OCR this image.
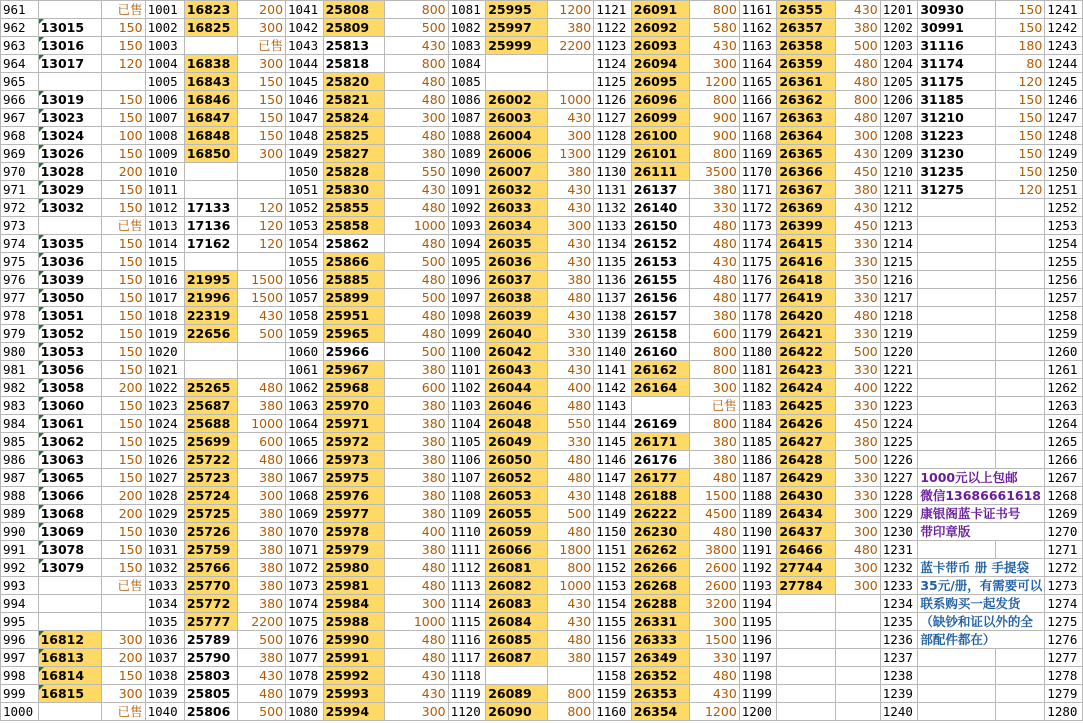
961		已售	1001	16823	200	1041	25808	800	1081	25995	1200	1121	26091	800	1161	26355	430	1201	30930	150	1241
962	13015	150	1002	16825	300	1042	25809	500	1082	25997	380	1122	26092	580	1162	26357	380	1202	30991	150	1242
963	13016	150	1003		已售	1043	25813	430	1083	25999	2200	1123	26093	430	1163	26358	500	1203	31116	180	1243
964	13017	120	1004	16838	300	1044	25818	800	1084			1124	26094	300	1164	26359	480	1204	31174	80	1244
965			1005	16843	150	1045	25820	480	1085			1125	26095	1200	1165	26361	480	1205	31175	120	1245
966	13019	150	1006	16846	150	1046	25821	480	1086	26002	1000	1126	26096	800	1166	26362	800	1206	31185	150	1246
967	13023	150	1007	16847	150	1047	25824	300	1087	26003	430	1127	26099	900	1167	26363	480	1207	31210	150	1247
968	13024	100	1008	16848	150	1048	25825	480	1088	26004	300	1128	26100	900	1168	26364	300	1208	31223	150	1248
969	13026	150	1009	16850	300	1049	25827	380	1089	26006	1300	1129	26101	800	1169	26365	430	1209	31230	150	1249
970	13028	200	1010			1050	25828	550	1090	26007	380	1130	26111	3500	1170	26366	450	1210	31235	150	1250
971	13029	150	1011			1051	25830	430	1091	26032	430	1131	26137	380	1171	26367	380	1211	31275	120	1251
972	13032	150	1012	17133	120	1052	25855	480	1092	26033	430	1132	26140	330	1172	26369	430	1212			1252
973		已售	1013	17136	120	1053	25858	1000	1093	26034	300	1133	26150	480	1173	26399	450	1213			1253
974	13035	150	1014	17162	120	1054	25862	480	1094	26035	430	1134	26152	480	1174	26415	330	1214			1254
975	13036	150	1015			1055	25866	500	1095	26036	430	1135	26153	430	1175	26416	330	1215			1255
976	13039	150	1016	21995	1500	1056	25885	480	1096	26037	380	1136	26155	480	1176	26418	350	1216			1256
977	13050	150	1017	21996	1500	1057	25899	500	1097	26038	480	1137	26156	480	1177	26419	330	1217			1257
978	13051	150	1018	22319	430	1058	25951	480	1098	26039	430	1138	26157	380	1178	26420	480	1218			1258
979	13052	150	1019	22656	500	1059	25965	480	1099	26040	330	1139	26158	600	1179	26421	330	1219			1259
980	13053	150	1020			1060	25966	500	1100	26042	330	1140	26160	800	1180	26422	500	1220			1260
981	13056	150	1021			1061	25967	380	1101	26043	430	1141	26162	800	1181	26423	330	1221			1261
982	13058	200	1022	25265	480	1062	25968	600	1102	26044	400	1142	26164	300	1182	26424	400	1222			1262
983	13060	150	1023	25687	380	1063	25970	380	1103	26046	480	1143		已售	1183	26425	330	1223			1263
984	13061	150	1024	25688	1000	1064	25971	380	1104	26048	550	1144	26169	800	1184	26426	450	1224			1264
985	13062	150	1025	25699	600	1065	25972	380	1105	26049	330	1145	26171	380	1185	26427	380	1225			1265
986	13063	150	1026	25722	480	1066	25973	380	1106	26050	480	1146	26176	380	1186	26428	500	1226			1266
987	13065	150	1027	25723	380	1067	25975	380	1107	26052	480	1147	26177	480	1187	26429	330	1227	1000元以上包邮		1267
988	13066	200	1028	25724	300	1068	25976	380	1108	26053	430	1148	26188	1500	1188	26430	330	1228	微信13686661618		1268
989	13068	200	1029	25725	380	1069	25977	380	1109	26055	500	1149	26222	4500	1189	26434	300	1229	康银阁蓝卡证书号		1269
990	13069	150	1030	25726	380	1070	25978	400	1110	26059	480	1150	26230	480	1190	26437	300	1230	带印章版		1270
991	13078	150	1031	25759	380	1071	25979	380	1111	26066	1800	1151	26262	3800	1191	26466	480	1231			1271
992	13079	150	1032	25766	380	1072	25980	480	1112	26081	800	1152	26266	2600	1192	27744	300	1232	蓝卡带币 册 手提袋		1272
993		已售	1033	25770	380	1073	25981	480	1113	26082	1000	1153	26268	2600	1193	27784	300	1233	35元/册，有需要可以		1273
994			1034	25772	380	1074	25984	300	1114	26083	430	1154	26288	3200	1194			1234	联系购买一起发货		1274
995			1035	25777	2200	1075	25988	1000	1115	26084	430	1155	26331	300	1195			1235	（缺钞和证以外的全		1275
996	16812	300	1036	25789	500	1076	25990	480	1116	26085	480	1156	26333	1500	1196			1236	部配件都在）		1276
997	16813	200	1037	25790	380	1077	25991	480	1117	26087	380	1157	26349	330	1197			1237			1277
998	16814	150	1038	25803	430	1078	25992	430	1118			1158	26352	480	1198			1238			1278
999	16815	300	1039	25805	480	1079	25993	430	1119	26089	800	1159	26353	430	1199			1239			1279
1000		已售	1040	25806	500	1080	25994	300	1120	26090	800	1160	26354	1200	1200			1240			1280
